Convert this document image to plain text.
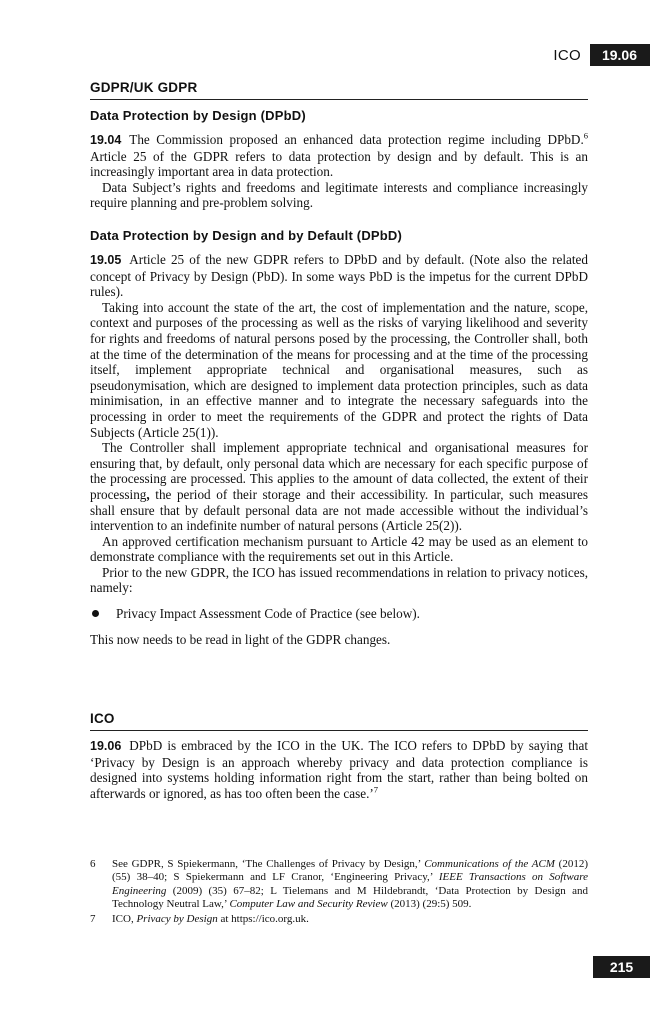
ICO	19.06
GDPR/UK GDPR
Data Protection by Design (DPbD)

19.04 The Commission proposed an enhanced data protection regime including DPbD.$^6$ Article 25 of the GDPR refers to data protection by design and by default. This is an increasingly important area in data protection.

Data Subject’s rights and freedoms and legitimate interests and compliance increasingly require planning and pre-problem solving.

Data Protection by Design and by Default (DPbD)

19.05 Article 25 of the new GDPR refers to DPbD and by default. (Note also the related concept of Privacy by Design (PbD). In some ways PbD is the impetus for the current DPbD rules).

Taking into account the state of the art, the cost of implementation and the nature, scope, context and purposes of the processing as well as the risks of varying likelihood and severity for rights and freedoms of natural persons posed by the processing, the Controller shall, both at the time of the determination of the means for processing and at the time of the processing itself, implement appropriate technical and organisational measures, such as pseudonymisation, which are designed to implement data protection principles, such as data minimisation, in an effective manner and to integrate the necessary safeguards into the processing in order to meet the requirements of the GDPR and protect the rights of Data Subjects (Article 25(1)).

The Controller shall implement appropriate technical and organisational measures for ensuring that, by default, only personal data which are necessary for each specific purpose of the processing are processed. This applies to the amount of data collected, the extent of their processing, the period of their storage and their accessibility. In particular, such measures shall ensure that by default personal data are not made accessible without the individual’s intervention to an indefinite number of natural persons (Article 25(2)).

An approved certification mechanism pursuant to Article 42 may be used as an element to demonstrate compliance with the requirements set out in this Article.

Prior to the new GDPR, the ICO has issued recommendations in relation to privacy notices, namely:

Privacy Impact Assessment Code of Practice (see below).

This now needs to be read in light of the GDPR changes.

ICO

19.06 DPbD is embraced by the ICO in the UK. The ICO refers to DPbD by saying that ‘Privacy by Design is an approach whereby privacy and data protection compliance is designed into systems holding information right from the start, rather than being bolted on afterwards or ignored, as has too often been the case.’$^7$

6	See GDPR, S Spiekermann, ‘The Challenges of Privacy by Design,’ Communications of the ACM (2012) (55) 38–40; S Spiekermann and LF Cranor, ‘Engineering Privacy,’ IEEE Transactions on Software Engineering (2009) (35) 67–82; L Tielemans and M Hildebrandt, ‘Data Protection by Design and Technology Neutral Law,’ Computer Law and Security Review (2013) (29:5) 509.
7	ICO, Privacy by Design at https://ico.org.uk.
215
